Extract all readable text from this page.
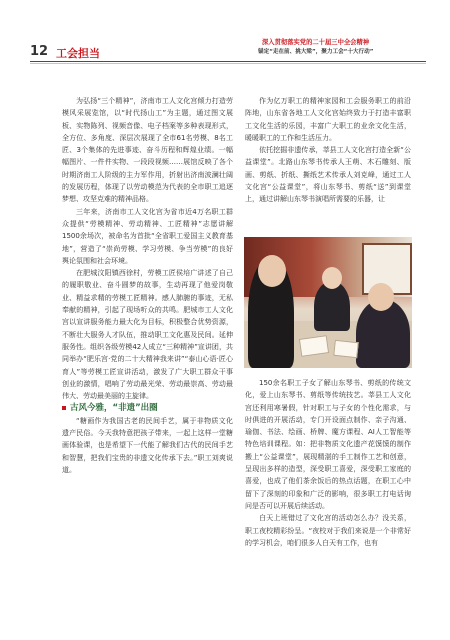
12 工会担当
深入贯彻落实党的二十届三中全会精神
锚定“走在前、挑大梁”，聚力工会“十大行动”

为弘扬“三个精神”，济南市工人文化宫倾力打造劳模风采展览馆，以“时代扬山工”为主题，通过图文展板、实物陈列、视频音像、电子档案等多种表现形式，全方位、多角度、深层次展现了全市61名劳模、8名工匠、3个集体的先进事迹、奋斗历程和辉煌业绩。一幅幅图片、一件件实物、一段段视频……展馆反映了各个时期济南工人阶级的主力军作用，折射出济南波澜壮阔的发展历程，体现了以劳动模范为代表的全市职工追逐梦想、攻坚克难的精神品格。

三年来，济南市工人文化宫为省市近4万名职工群众提供“劳模精神、劳动精神、工匠精神”志愿讲解1500余场次，被命名为首批“全省职工爱国主义教育基地”，营造了“崇尚劳模、学习劳模、争当劳模”的良好舆论氛围和社会环境。

在肥城汶阳镇西徐村，劳模工匠侯培广讲述了自己的履职敬业、奋斗圆梦的故事，生动再现了他爱岗敬业、精益求精的劳模工匠精神。感人肺腑的事迹，无私奉献的精神，引起了现场听众的共鸣。肥城市工人文化宫以宣讲服务能力最大化为目标，积极整合优势资源，不断壮大服务人才队伍，推动职工文化惠及民间。延伸服务性。组织各级劳模42人成立“三种精神”宣讲团，共同举办“肥乐宫·党的二十大精神我来讲”“泰山心语·匠心育人”等劳模工匠宣讲活动，激发了广大职工群众干事创业的激情，唱响了劳动最光荣、劳动最崇高、劳动最伟大、劳动最美丽的主旋律。

古风今雅，“非遗”出圈

“糖画作为我国古老的民间手艺，属于非物质文化遗产民俗。今天我特意把孩子带来，一起上这样一堂糖画体验课，也是希望下一代能了解我们古代的民间手艺和智慧，把我们宝贵的非遗文化传承下去。”职工刘爽说道。

作为亿万职工的精神家园和工会服务职工的前沿阵地，山东省各地工人文化宫始终致力于打造丰富职工文化生活的乐园，丰富广大职工的业余文化生活，暖暖职工的工作和生活压力。

依托挖掘非遗传承，莘县工人文化宫打造全新“公益课堂”。北路山东琴书传承人王萌、木石雕刻、版画、剪纸、折纸、撕纸艺术传承人刘克峰，通过工人文化宫“公益课堂”，将山东琴书、剪纸“送”到课堂上，通过讲解山东琴书演唱所需要的乐器，让

150余名职工子女了解山东琴书、剪纸的传统文化，爱上山东琴书、剪纸等传统技艺。莘县工人文化宫还利用寒暑假，针对职工与子女的个性化需求，与时俱进的开展活动，专门开设面点制作、亲子沟通、瑜伽、书法、绘画、桥牌、魔方课程、AI人工智能等特色培训课程。如：把非物质文化遗产花馍馍的制作搬上“公益课堂”，展现精湛的手工制作工艺和创意，呈现出多样的造型，深受职工喜爱，深受职工家庭的喜爱，也成了他们茶余饭后的热点话题，在职工心中留下了深刻的印象和广泛的影响，很多职工打电话询问是否可以开展后续活动。

白天上班错过了文化宫的活动怎么办？没关系，职工夜校精彩纷呈。“夜校对于我们来说是一个非常好的学习机会，咱们很多人白天有工作，也有
